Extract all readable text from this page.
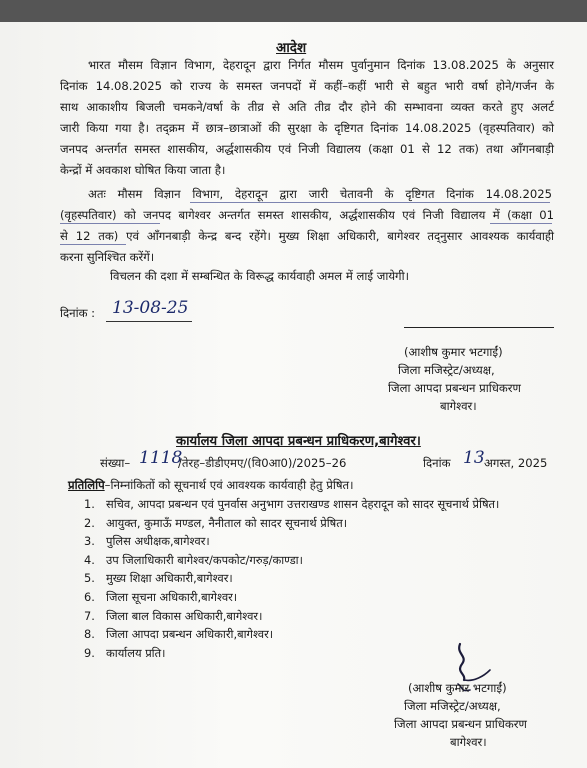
आदेश
भारत मौसम विज्ञान विभाग, देहरादून द्वारा निर्गत मौसम पुर्वानुमान दिनांक 13.08.2025 के अनुसार
दिनांक 14.08.2025 को राज्य के समस्त जनपदों में कहीं–कहीं भारी से बहुत भारी वर्षा होने/गर्जन के
साथ आकाशीय बिजली चमकने/वर्षा के तीव्र से अति तीव्र दौर होने की सम्भावना व्यक्त करते हुए अलर्ट
जारी किया गया है। तद्क्रम में छात्र–छात्राओं की सुरक्षा के दृष्टिगत दिनांक 14.08.2025 (वृहस्पतिवार) को
जनपद अन्तर्गत समस्त शासकीय, अर्द्धशासकीय एवं निजी विद्यालय (कक्षा 01 से 12 तक) तथा आँगनबाड़ी
केन्द्रों में अवकाश घोषित किया जाता है।
अतः मौसम विज्ञान विभाग, देहरादून द्वारा जारी चेतावनी के दृष्टिगत दिनांक 14.08.2025
(वृहस्पतिवार) को जनपद बागेश्वर अन्तर्गत समस्त शासकीय, अर्द्धशासकीय एवं निजी विद्यालय में (कक्षा 01
से 12 तक) एवं आँगनबाड़ी केन्द्र बन्द रहेंगे। मुख्य शिक्षा अधिकारी, बागेश्वर तद्नुसार आवश्यक कार्यवाही
करना सुनिश्चित करेंगें।
विचलन की दशा में सम्बन्धित के विरूद्ध कार्यवाही अमल में लाई जायेगी।
दिनांक : 13-08-25
(आशीष कुमार भटगाईं)
जिला मजिस्ट्रेट/अध्यक्ष,
जिला आपदा प्रबन्धन प्राधिकरण
बागेश्वर।
कार्यालय जिला आपदा प्रबन्धन प्राधिकरण,बागेश्वर।
संख्या– 1118
/तेरह–डीडीएमए/(वि0आ0)/2025–26	दिनांक 13 अगस्त, 2025
प्रतिलिपि–निम्नांकितों को सूचनार्थ एवं आवश्यक कार्यवाही हेतु प्रेषित।
1. सचिव, आपदा प्रबन्धन एवं पुनर्वास अनुभाग उत्तराखण्ड शासन देहरादून को सादर सूचनार्थ प्रेषित।
2. आयुक्त, कुमाऊँ मण्डल, नैनीताल को सादर सूचनार्थ प्रेषित।
3. पुलिस अधीक्षक,बागेश्वर।
4. उप जिलाधिकारी बागेश्वर/कपकोट/गरुड़/काण्डा।
5. मुख्य शिक्षा अधिकारी,बागेश्वर।
6. जिला सूचना अधिकारी,बागेश्वर।
7. जिला बाल विकास अधिकारी,बागेश्वर।
8. जिला आपदा प्रबन्धन अधिकारी,बागेश्वर।
9. कार्यालय प्रति।
(आशीष कुमार भटगाईं)
जिला मजिस्ट्रेट/अध्यक्ष,
जिला आपदा प्रबन्धन प्राधिकरण
बागेश्वर।
